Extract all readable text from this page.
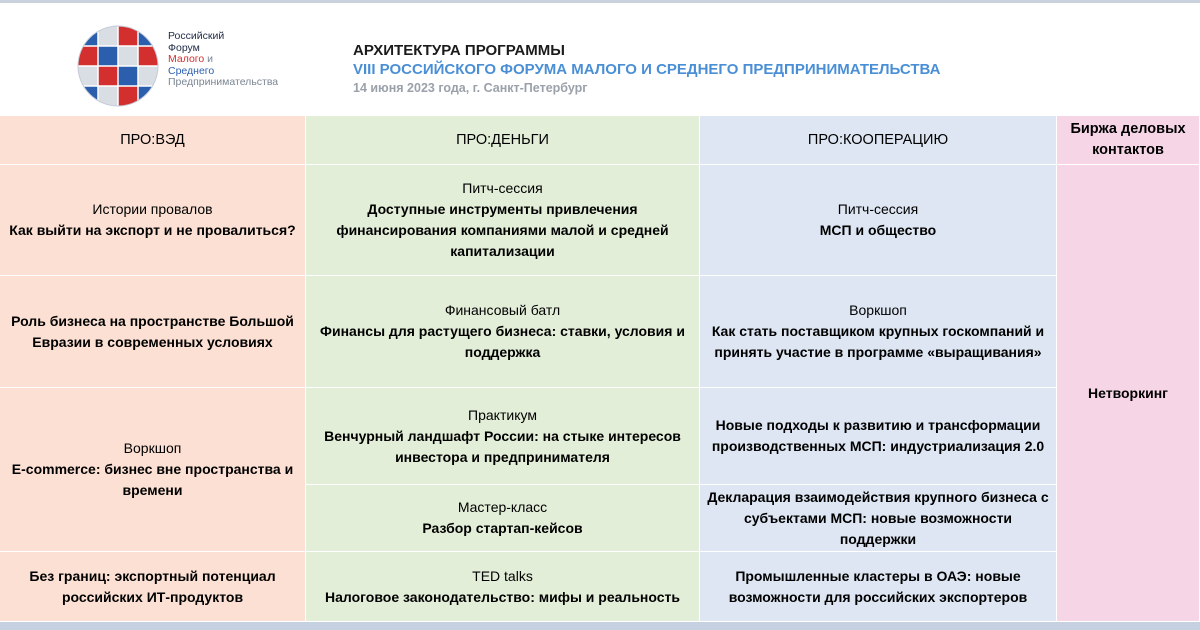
Российский
Форум
Малого и
Среднего
Предпринимательства
АРХИТЕКТУРА ПРОГРАММЫ
VIII РОССИЙСКОГО ФОРУМА МАЛОГО И СРЕДНЕГО ПРЕДПРИНИМАТЕЛЬСТВА
14 июня 2023 года, г. Санкт-Петербург
ПРО:ВЭД	ПРО:ДЕНЬГИ	ПРО:КООПЕРАЦИЮ
Биржа деловых контактов
Истории провалов
Как выйти на экспорт и не провалиться?
Роль бизнеса на пространстве Большой Евразии в современных условиях
Воркшоп
E-commerce: бизнес вне пространства и времени
Без границ: экспортный потенциал российских ИТ-продуктов
Питч-сессия
Доступные инструменты привлечения финансирования компаниями малой и средней капитализации
Финансовый батл
Финансы для растущего бизнеса: ставки, условия и поддержка
Практикум
Венчурный ландшафт России: на стыке интересов инвестора и предпринимателя
Мастер-класс
Разбор стартап-кейсов
TED talks
Налоговое законодательство: мифы и реальность
Питч-сессия
МСП и общество
Воркшоп
Как стать поставщиком крупных госкомпаний и принять участие в программе «выращивания»
Новые подходы к развитию и трансформации производственных МСП: индустриализация 2.0
Декларация взаимодействия крупного бизнеса с субъектами МСП: новые возможности поддержки
Промышленные кластеры в ОАЭ: новые возможности для российских экспортеров
Нетворкинг
